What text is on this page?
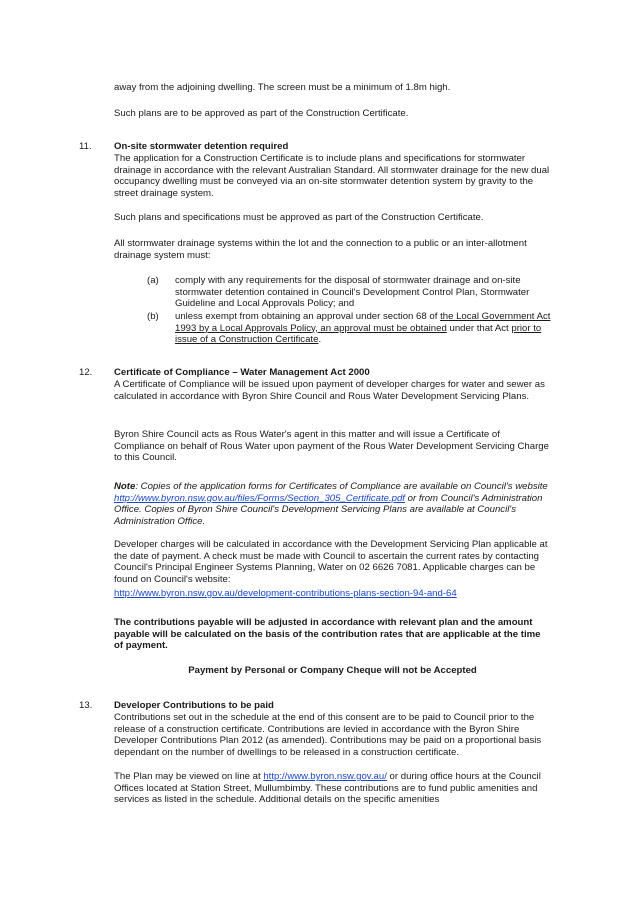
away from the adjoining dwelling. The screen must be a minimum of 1.8m high.

Such plans are to be approved as part of the Construction Certificate.

11. On-site stormwater detention required

The application for a Construction Certificate is to include plans and specifications for stormwater drainage in accordance with the relevant Australian Standard. All stormwater drainage for the new dual occupancy dwelling must be conveyed via an on-site stormwater detention system by gravity to the street drainage system.

Such plans and specifications must be approved as part of the Construction Certificate.

All stormwater drainage systems within the lot and the connection to a public or an inter-allotment drainage system must:

(a) comply with any requirements for the disposal of stormwater drainage and on-site stormwater detention contained in Council's Development Control Plan, Stormwater Guideline and Local Approvals Policy; and

(b) unless exempt from obtaining an approval under section 68 of the Local Government Act 1993 by a Local Approvals Policy, an approval must be obtained under that Act prior to issue of a Construction Certificate.

12. Certificate of Compliance – Water Management Act 2000

A Certificate of Compliance will be issued upon payment of developer charges for water and sewer as calculated in accordance with Byron Shire Council and Rous Water Development Servicing Plans.

Byron Shire Council acts as Rous Water's agent in this matter and will issue a Certificate of Compliance on behalf of Rous Water upon payment of the Rous Water Development Servicing Charge to this Council.

Note: Copies of the application forms for Certificates of Compliance are available on Council's website http://www.byron.nsw.gov.au/files/Forms/Section_305_Certificate.pdf or from Council's Administration Office. Copies of Byron Shire Council's Development Servicing Plans are available at Council's Administration Office.

Developer charges will be calculated in accordance with the Development Servicing Plan applicable at the date of payment. A check must be made with Council to ascertain the current rates by contacting Council's Principal Engineer Systems Planning, Water on 02 6626 7081. Applicable charges can be found on Council's website:

http://www.byron.nsw.gov.au/development-contributions-plans-section-94-and-64

The contributions payable will be adjusted in accordance with relevant plan and the amount payable will be calculated on the basis of the contribution rates that are applicable at the time of payment.

Payment by Personal or Company Cheque will not be Accepted

13. Developer Contributions to be paid

Contributions set out in the schedule at the end of this consent are to be paid to Council prior to the release of a construction certificate. Contributions are levied in accordance with the Byron Shire Developer Contributions Plan 2012 (as amended). Contributions may be paid on a proportional basis dependant on the number of dwellings to be released in a construction certificate.

The Plan may be viewed on line at http://www.byron.nsw.gov.au/ or during office hours at the Council Offices located at Station Street, Mullumbimby. These contributions are to fund public amenities and services as listed in the schedule. Additional details on the specific amenities
